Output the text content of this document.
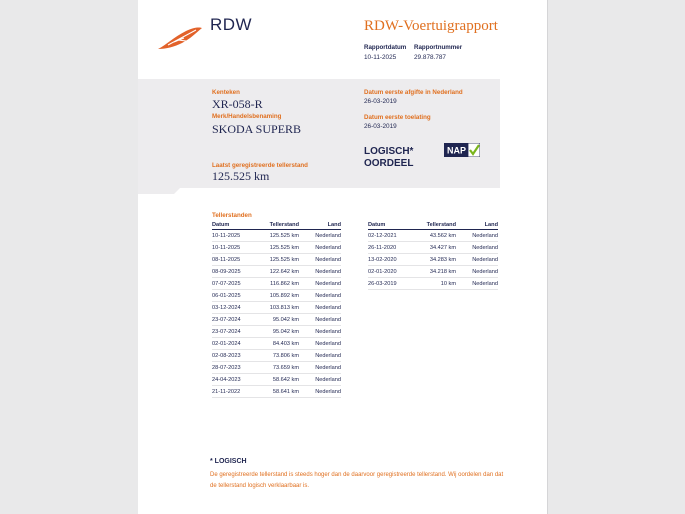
RDW	RDW-Voertuigrapport
Rapportdatum
10-11-2025
Rapportnummer
29.878.787
Kenteken
XR-058-R
Merk/Handelsbenaming
SKODA SUPERB
Laatst geregistreerde tellerstand
125.525 km
Datum eerste afgifte in Nederland
26-03-2019
Datum eerste toelating
26-03-2019
LOGISCH*
OORDEEL
NAP
Tellerstanden
Datum	Tellerstand	Land
10-11-2025	125.525 km	Nederland
10-11-2025	125.525 km	Nederland
08-11-2025	125.525 km	Nederland
08-09-2025	122.642 km	Nederland
07-07-2025	116.862 km	Nederland
06-01-2025	105.892 km	Nederland
03-12-2024	103.813 km	Nederland
23-07-2024	95.042 km	Nederland
23-07-2024	95.042 km	Nederland
02-01-2024	84.403 km	Nederland
02-08-2023	73.806 km	Nederland
28-07-2023	73.659 km	Nederland
24-04-2023	58.642 km	Nederland
21-11-2022	58.641 km	Nederland
Datum	Tellerstand	Land
02-12-2021	43.562 km	Nederland
26-11-2020	34.427 km	Nederland
13-02-2020	34.283 km	Nederland
02-01-2020	34.218 km	Nederland
26-03-2019	10 km	Nederland
* LOGISCH
De geregistreerde tellerstand is steeds hoger dan de daarvoor geregistreerde tellerstand. Wij oordelen dan dat de tellerstand logisch verklaarbaar is.
